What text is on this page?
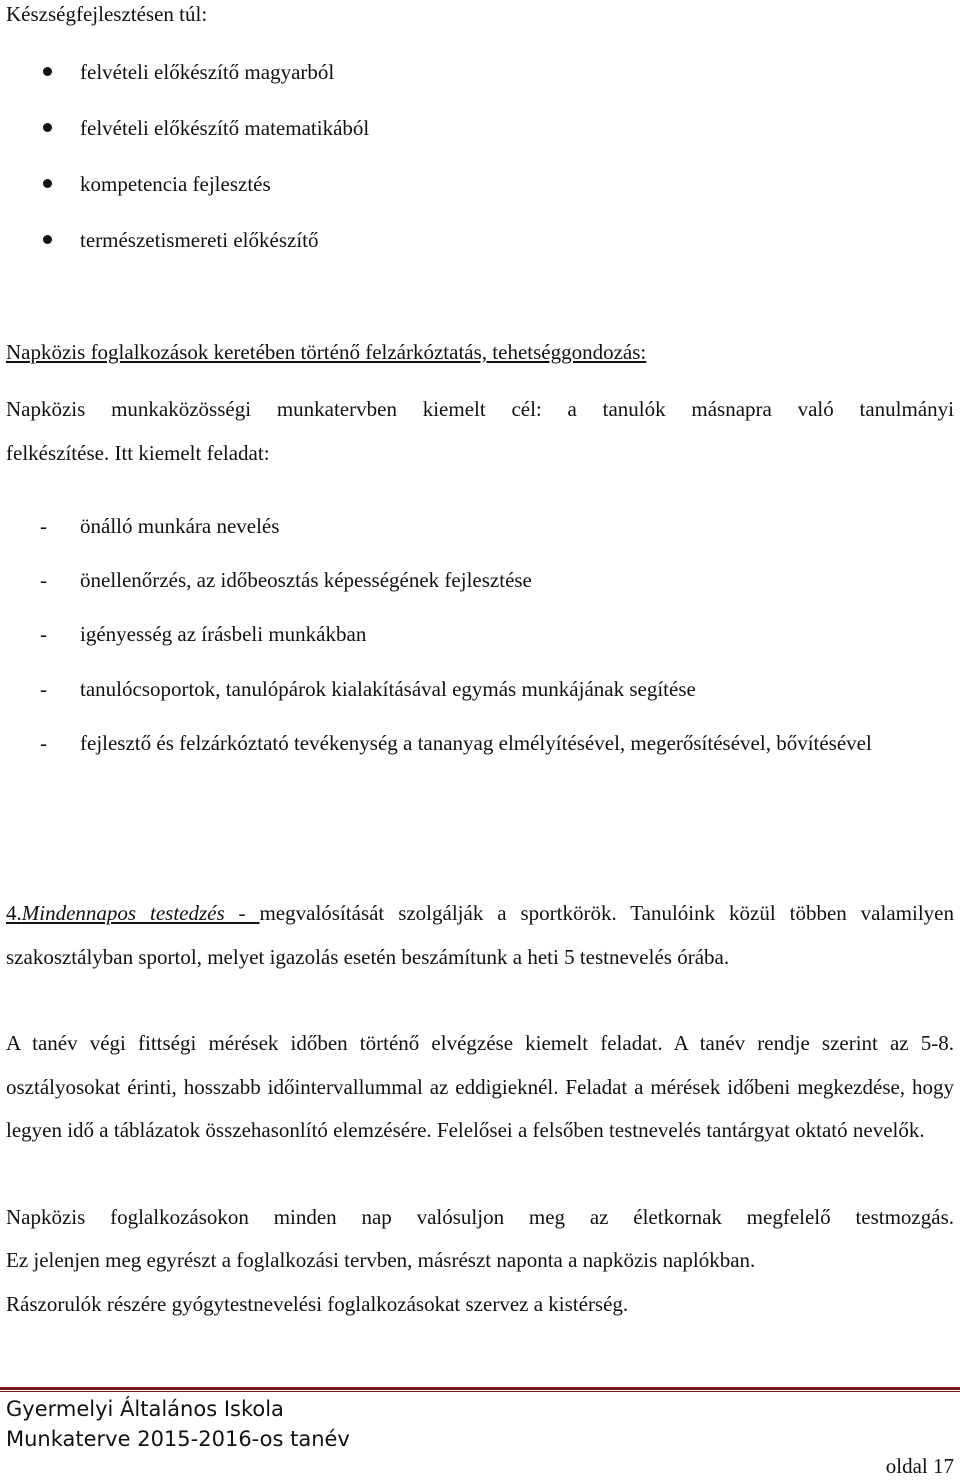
Készségfejlesztésen túl:
felvételi előkészítő magyarból
felvételi előkészítő matematikából
kompetencia fejlesztés
természetismereti előkészítő
Napközis foglalkozások keretében történő felzárkóztatás, tehetséggondozás:
Napközis munkaközösségi munkatervben kiemelt cél: a tanulók másnapra való tanulmányi
felkészítése. Itt kiemelt feladat:
- önálló munkára nevelés
- önellenőrzés, az időbeosztás képességének fejlesztése
- igényesség az írásbeli munkákban
- tanulócsoportok, tanulópárok kialakításával egymás munkájának segítése
- fejlesztő és felzárkóztató tevékenység a tananyag elmélyítésével, megerősítésével, bővítésével
4.Mindennapos testedzés - megvalósítását szolgálják a sportkörök. Tanulóink közül többen valamilyen szakosztályban sportol, melyet igazolás esetén beszámítunk a heti 5 testnevelés órába.
A tanév végi fittségi mérések időben történő elvégzése kiemelt feladat. A tanév rendje szerint az 5-8. osztályosokat érinti, hosszabb időintervallummal az eddigieknél. Feladat a mérések időbeni megkezdése, hogy legyen idő a táblázatok összehasonlító elemzésére. Felelősei a felsőben testnevelés tantárgyat oktató nevelők.
Napközis foglalkozásokon minden nap valósuljon meg az életkornak megfelelő testmozgás.
Ez jelenjen meg egyrészt a foglalkozási tervben, másrészt naponta a napközis naplókban.
Rászorulók részére gyógytestnevelési foglalkozásokat szervez a kistérség.
Gyermelyi Általános Iskola
Munkaterve 2015-2016-os tanév
oldal 17
